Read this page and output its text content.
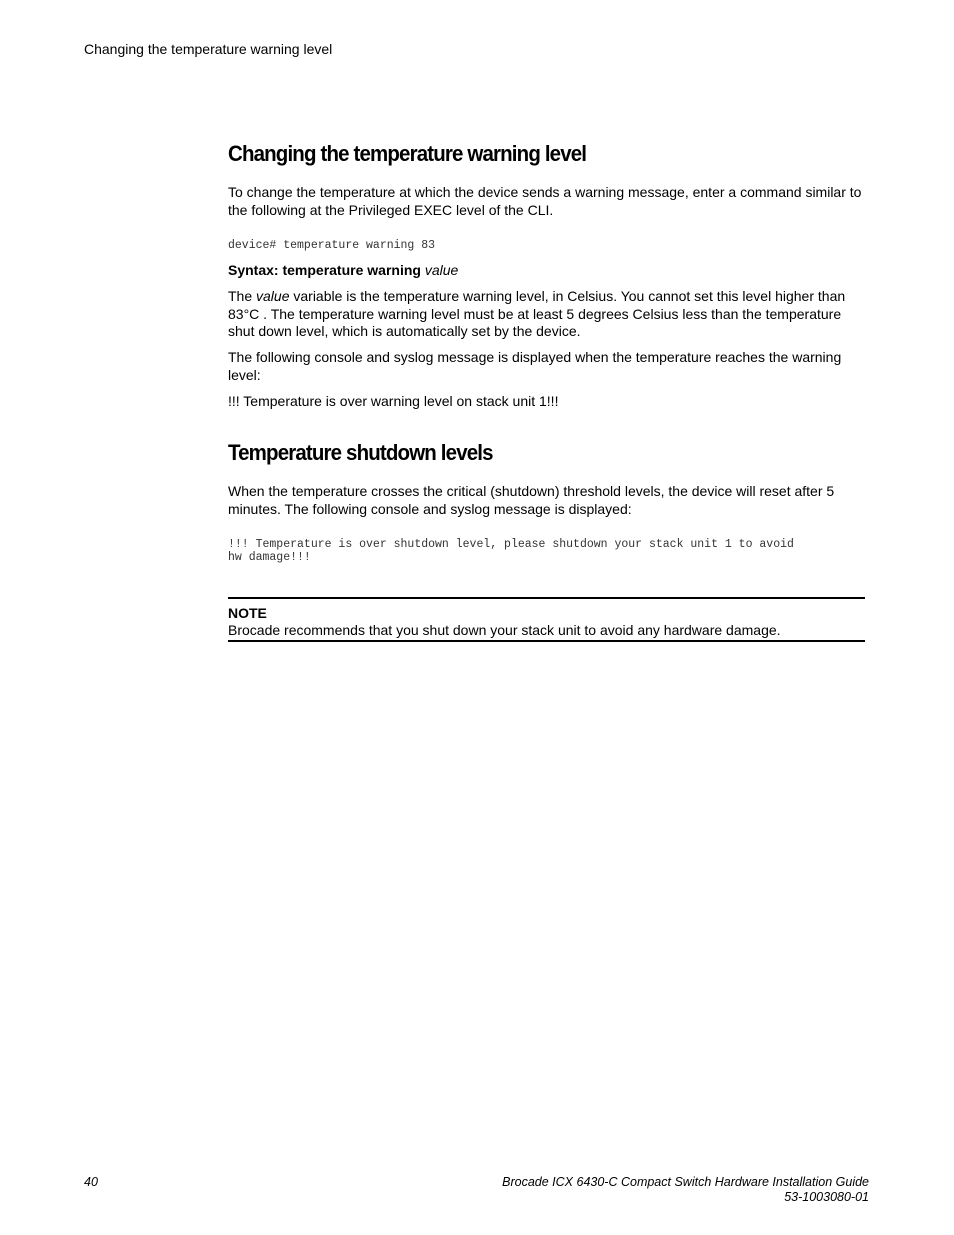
Changing the temperature warning level
Changing the temperature warning level

To change the temperature at which the device sends a warning message, enter a command similar to the following at the Privileged EXEC level of the CLI.

device# temperature warning 83

Syntax: temperature warning value

The value variable is the temperature warning level, in Celsius. You cannot set this level higher than 83°C . The temperature warning level must be at least 5 degrees Celsius less than the temperature shut down level, which is automatically set by the device.

The following console and syslog message is displayed when the temperature reaches the warning level:

!!! Temperature is over warning level on stack unit 1!!!

Temperature shutdown levels

When the temperature crosses the critical (shutdown) threshold levels, the device will reset after 5 minutes. The following console and syslog message is displayed:

!!! Temperature is over shutdown level, please shutdown your stack unit 1 to avoid
hw damage!!!
NOTE
Brocade recommends that you shut down your stack unit to avoid any hardware damage.
40	Brocade ICX 6430-C Compact Switch Hardware Installation Guide
53-1003080-01
